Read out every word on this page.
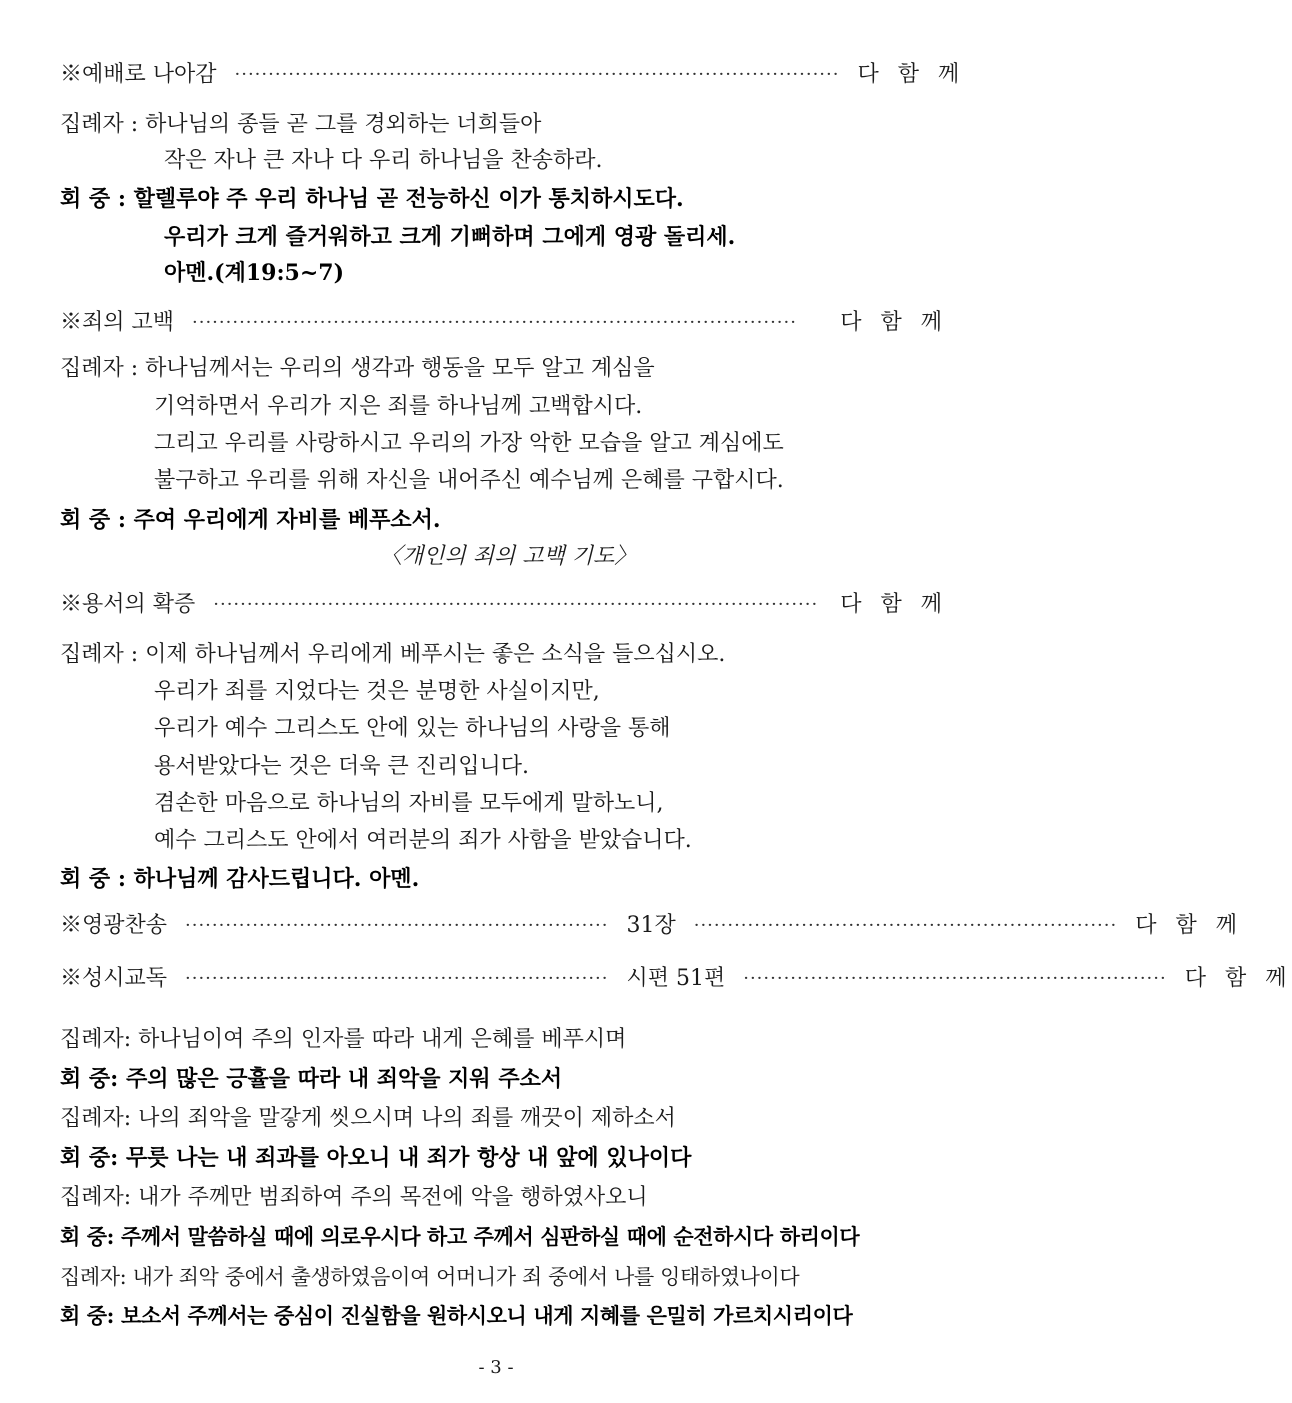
※예배로 나아감 ·························································································· 다 함 께
집례자 : 하나님의 종들 곧 그를 경외하는 너희들아
작은 자나 큰 자나 다 우리 하나님을 찬송하라.
회 중 : 할렐루야 주 우리 하나님 곧 전능하신 이가 통치하시도다.
우리가 크게 즐거워하고 크게 기뻐하며 그에게 영광 돌리세.
아멘.(계19:5~7)
※죄의 고백 ··························································································	다 함 께
집례자 : 하나님께서는 우리의 생각과 행동을 모두 알고 계심을
기억하면서 우리가 지은 죄를 하나님께 고백합시다.
그리고 우리를 사랑하시고 우리의 가장 악한 모습을 알고 계심에도
불구하고 우리를 위해 자신을 내어주신 예수님께 은혜를 구합시다.
회 중 : 주여 우리에게 자비를 베푸소서.
〈개인의 죄의 고백 기도〉
※용서의 확증 ·························································································· 다 함 께
집례자 : 이제 하나님께서 우리에게 베푸시는 좋은 소식을 들으십시오.
우리가 죄를 지었다는 것은 분명한 사실이지만,
우리가 예수 그리스도 안에 있는 하나님의 사랑을 통해
용서받았다는 것은 더욱 큰 진리입니다.
겸손한 마음으로 하나님의 자비를 모두에게 말하노니,
예수 그리스도 안에서 여러분의 죄가 사함을 받았습니다.
회 중 : 하나님께 감사드립니다. 아멘.
※영광찬송 ······························································· 31장 ······························································· 다 함 께
※성시교독 ······························································· 시편 51편 ······························································· 다 함 께
집례자: 하나님이여 주의 인자를 따라 내게 은혜를 베푸시며
회 중: 주의 많은 긍휼을 따라 내 죄악을 지워 주소서
집례자: 나의 죄악을 말갛게 씻으시며 나의 죄를 깨끗이 제하소서
회 중: 무릇 나는 내 죄과를 아오니 내 죄가 항상 내 앞에 있나이다
집례자: 내가 주께만 범죄하여 주의 목전에 악을 행하였사오니
회 중: 주께서 말씀하실 때에 의로우시다 하고 주께서 심판하실 때에 순전하시다 하리이다
집례자: 내가 죄악 중에서 출생하였음이여 어머니가 죄 중에서 나를 잉태하였나이다
회 중: 보소서 주께서는 중심이 진실함을 원하시오니 내게 지혜를 은밀히 가르치시리이다
- 3 -
